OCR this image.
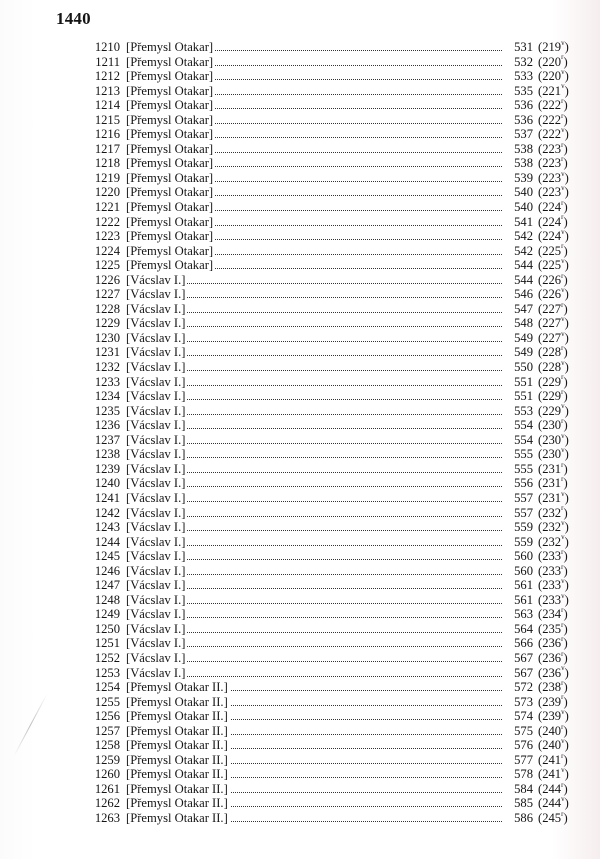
1440
1210 [Přemysl Otakar]	531 (219$^v$)
1211 [Přemysl Otakar]	532 (220$^r$)
1212 [Přemysl Otakar]	533 (220$^v$)
1213 [Přemysl Otakar]	535 (221$^v$)
1214 [Přemysl Otakar]	536 (222$^r$)
1215 [Přemysl Otakar]	536 (222$^r$)
1216 [Přemysl Otakar]	537 (222$^v$)
1217 [Přemysl Otakar]	538 (223$^r$)
1218 [Přemysl Otakar]	538 (223$^r$)
1219 [Přemysl Otakar]	539 (223$^v$)
1220 [Přemysl Otakar]	540 (223$^v$)
1221 [Přemysl Otakar]	540 (224$^r$)
1222 [Přemysl Otakar]	541 (224$^r$)
1223 [Přemysl Otakar]	542 (224$^v$)
1224 [Přemysl Otakar]	542 (225$^r$)
1225 [Přemysl Otakar]	544 (225$^v$)
1226 [Vácslav I.]	544 (226$^r$)
1227 [Vácslav I.]	546 (226$^v$)
1228 [Vácslav I.]	547 (227$^r$)
1229 [Vácslav I.]	548 (227$^v$)
1230 [Vácslav I.]	549 (227$^v$)
1231 [Vácslav I.]	549 (228$^r$)
1232 [Vácslav I.]	550 (228$^v$)
1233 [Vácslav I.]	551 (229$^r$)
1234 [Vácslav I.]	551 (229$^r$)
1235 [Vácslav I.]	553 (229$^v$)
1236 [Vácslav I.]	554 (230$^r$)
1237 [Vácslav I.]	554 (230$^v$)
1238 [Vácslav I.]	555 (230$^v$)
1239 [Vácslav I.]	555 (231$^r$)
1240 [Vácslav I.]	556 (231$^r$)
1241 [Vácslav I.]	557 (231$^v$)
1242 [Vácslav I.]	557 (232$^r$)
1243 [Vácslav I.]	559 (232$^v$)
1244 [Vácslav I.]	559 (232$^v$)
1245 [Vácslav I.]	560 (233$^r$)
1246 [Vácslav I.]	560 (233$^r$)
1247 [Vácslav I.]	561 (233$^v$)
1248 [Vácslav I.]	561 (233$^v$)
1249 [Vácslav I.]	563 (234$^r$)
1250 [Vácslav I.]	564 (235$^r$)
1251 [Vácslav I.]	566 (236$^r$)
1252 [Vácslav I.]	567 (236$^r$)
1253 [Vácslav I.]	567 (236$^v$)
1254 [Přemysl Otakar II.]	572 (238$^r$)
1255 [Přemysl Otakar II.]	573 (239$^r$)
1256 [Přemysl Otakar II.]	574 (239$^v$)
1257 [Přemysl Otakar II.]	575 (240$^r$)
1258 [Přemysl Otakar II.]	576 (240$^v$)
1259 [Přemysl Otakar II.]	577 (241$^r$)
1260 [Přemysl Otakar II.]	578 (241$^v$)
1261 [Přemysl Otakar II.]	584 (244$^r$)
1262 [Přemysl Otakar II.]	585 (244$^v$)
1263 [Přemysl Otakar II.]	586 (245$^r$)
